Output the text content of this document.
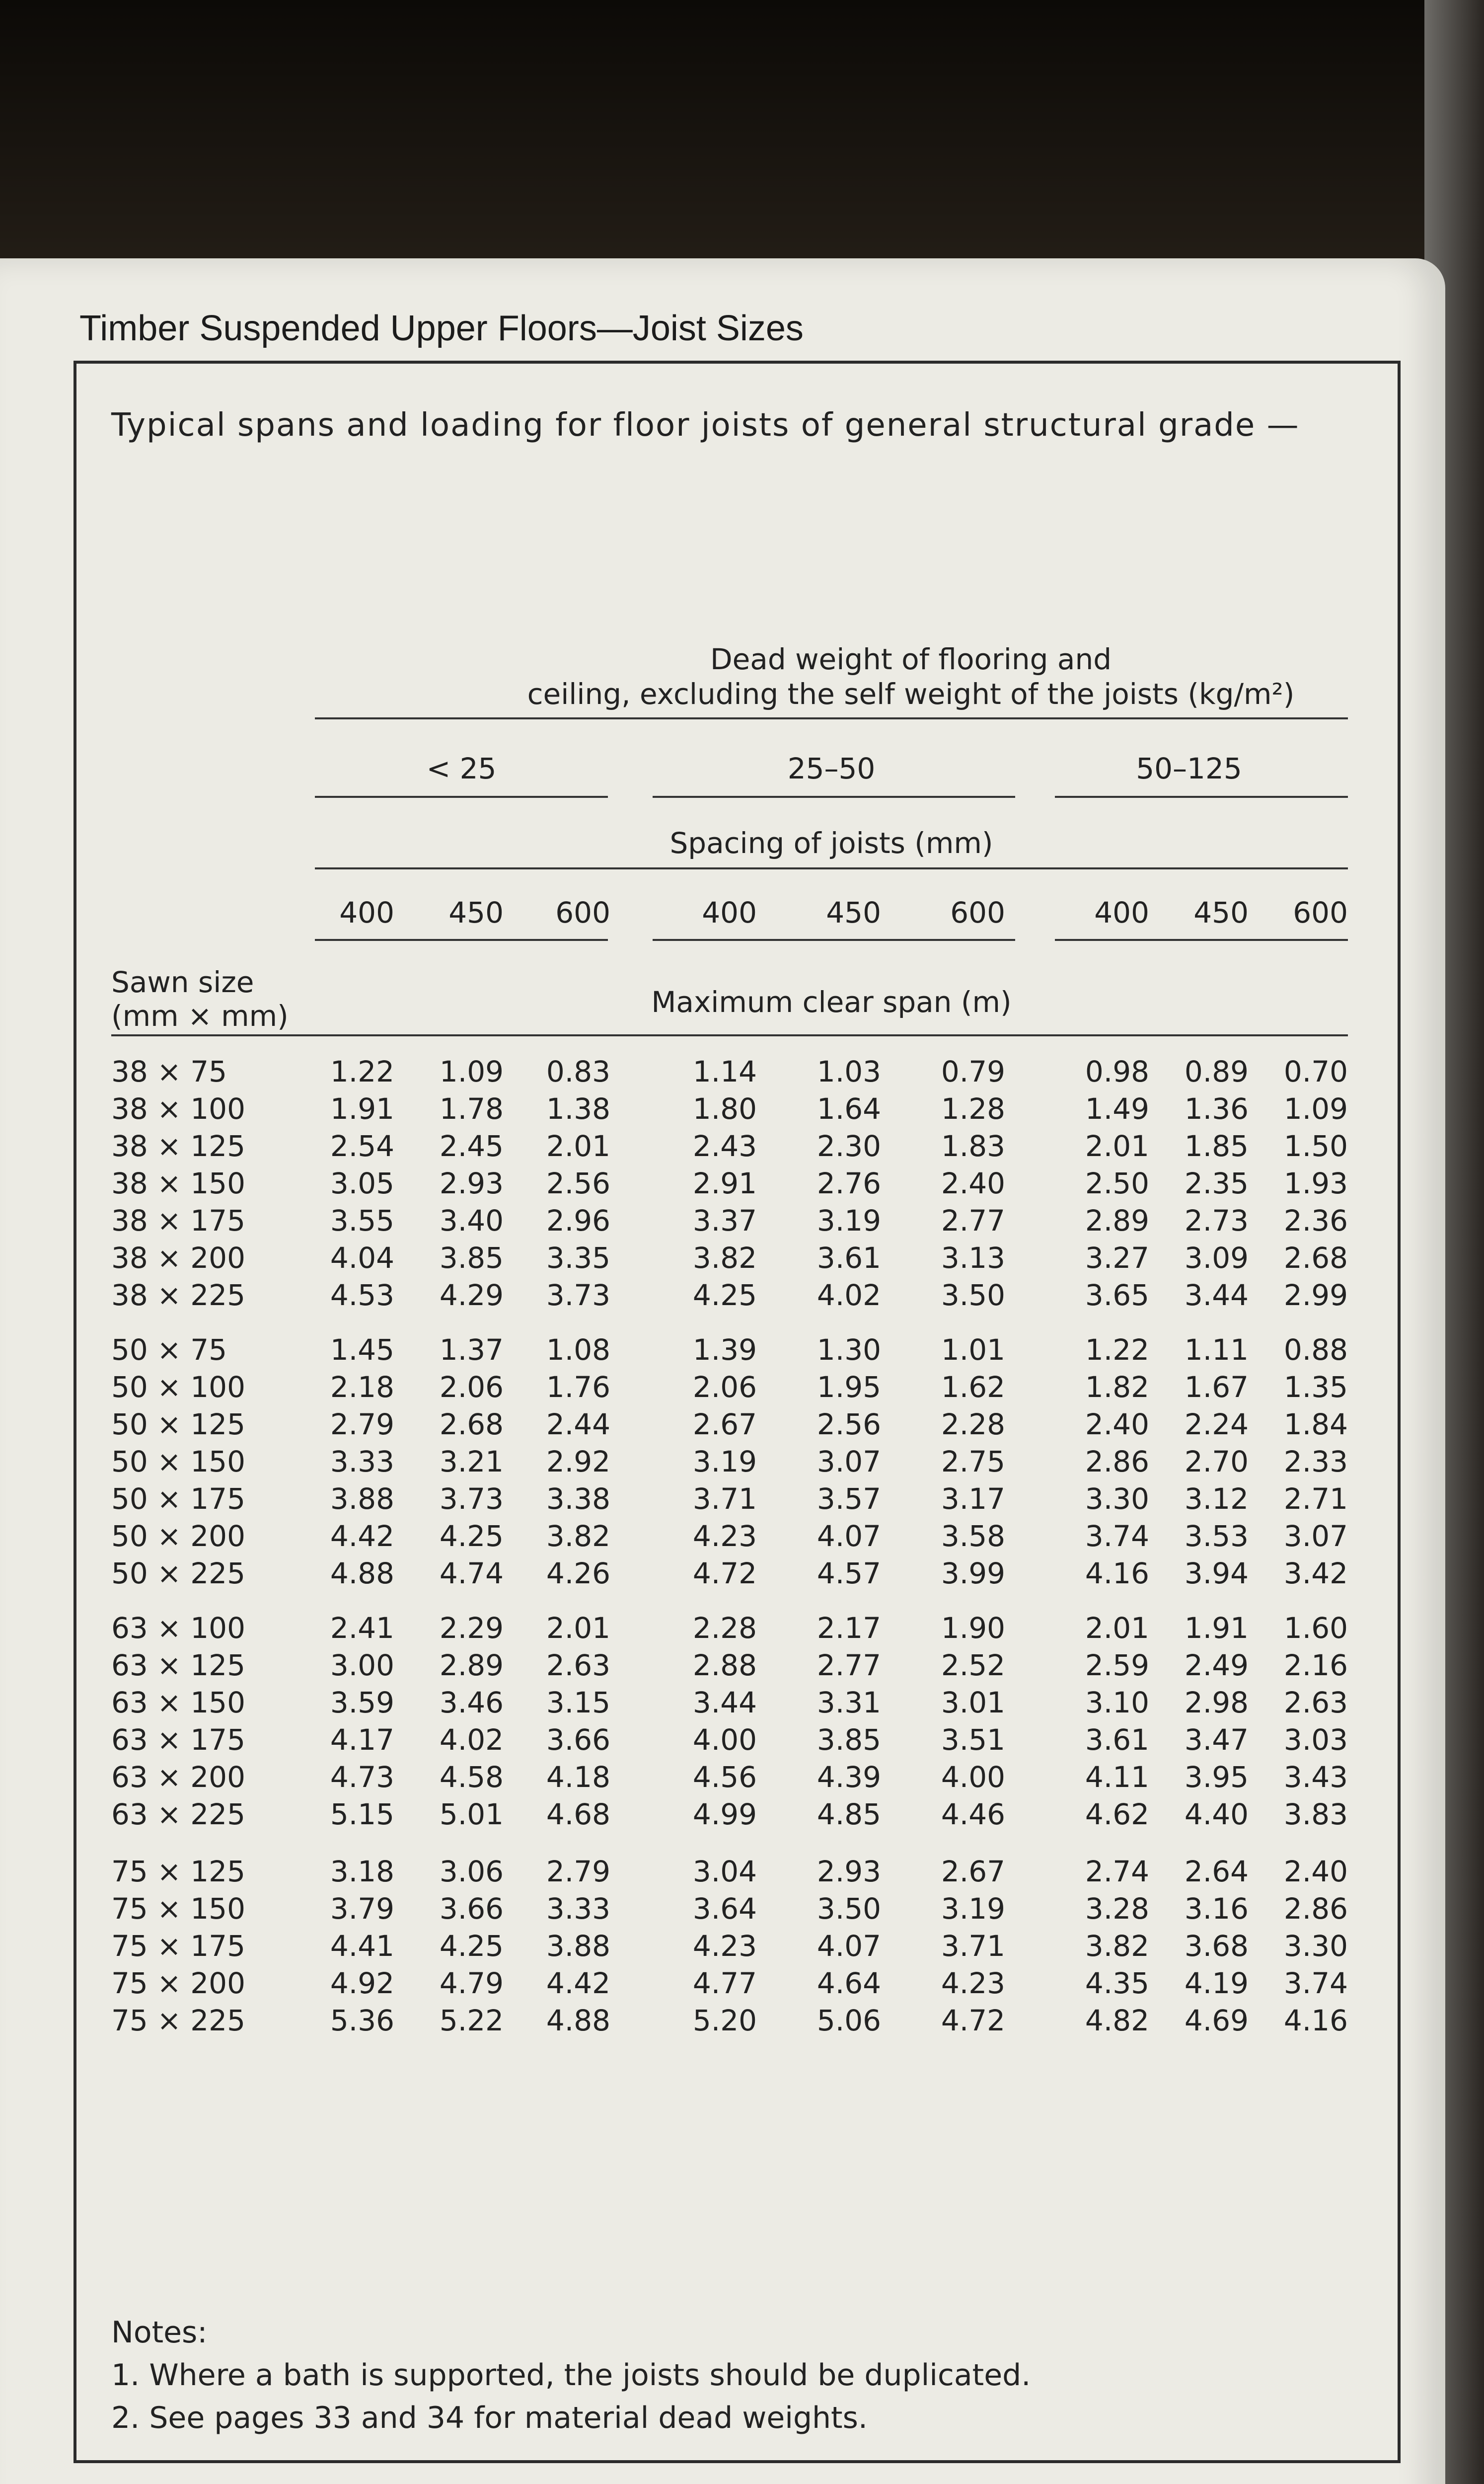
Timber Suspended Upper Floors—Joist Sizes

Typical spans and loading for floor joists of general structural grade —

Dead weight of flooring and
ceiling, excluding the self weight of the joists (kg/m²)
< 25	25–50	50–125
Spacing of joists (mm)
400	450	600	400	450	600	400	450	600
Sawn size
(mm × mm)	Maximum clear span (m)
38 × 75	1.22	1.09	0.83	1.14	1.03	0.79	0.98	0.89	0.70
38 × 100	1.91	1.78	1.38	1.80	1.64	1.28	1.49	1.36	1.09
38 × 125	2.54	2.45	2.01	2.43	2.30	1.83	2.01	1.85	1.50
38 × 150	3.05	2.93	2.56	2.91	2.76	2.40	2.50	2.35	1.93
38 × 175	3.55	3.40	2.96	3.37	3.19	2.77	2.89	2.73	2.36
38 × 200	4.04	3.85	3.35	3.82	3.61	3.13	3.27	3.09	2.68
38 × 225	4.53	4.29	3.73	4.25	4.02	3.50	3.65	3.44	2.99
50 × 75	1.45	1.37	1.08	1.39	1.30	1.01	1.22	1.11	0.88
50 × 100	2.18	2.06	1.76	2.06	1.95	1.62	1.82	1.67	1.35
50 × 125	2.79	2.68	2.44	2.67	2.56	2.28	2.40	2.24	1.84
50 × 150	3.33	3.21	2.92	3.19	3.07	2.75	2.86	2.70	2.33
50 × 175	3.88	3.73	3.38	3.71	3.57	3.17	3.30	3.12	2.71
50 × 200	4.42	4.25	3.82	4.23	4.07	3.58	3.74	3.53	3.07
50 × 225	4.88	4.74	4.26	4.72	4.57	3.99	4.16	3.94	3.42
63 × 100	2.41	2.29	2.01	2.28	2.17	1.90	2.01	1.91	1.60
63 × 125	3.00	2.89	2.63	2.88	2.77	2.52	2.59	2.49	2.16
63 × 150	3.59	3.46	3.15	3.44	3.31	3.01	3.10	2.98	2.63
63 × 175	4.17	4.02	3.66	4.00	3.85	3.51	3.61	3.47	3.03
63 × 200	4.73	4.58	4.18	4.56	4.39	4.00	4.11	3.95	3.43
63 × 225	5.15	5.01	4.68	4.99	4.85	4.46	4.62	4.40	3.83
75 × 125	3.18	3.06	2.79	3.04	2.93	2.67	2.74	2.64	2.40
75 × 150	3.79	3.66	3.33	3.64	3.50	3.19	3.28	3.16	2.86
75 × 175	4.41	4.25	3.88	4.23	4.07	3.71	3.82	3.68	3.30
75 × 200	4.92	4.79	4.42	4.77	4.64	4.23	4.35	4.19	3.74
75 × 225	5.36	5.22	4.88	5.20	5.06	4.72	4.82	4.69	4.16

Notes:

1. Where a bath is supported, the joists should be duplicated.

2. See pages 33 and 34 for material dead weights.
